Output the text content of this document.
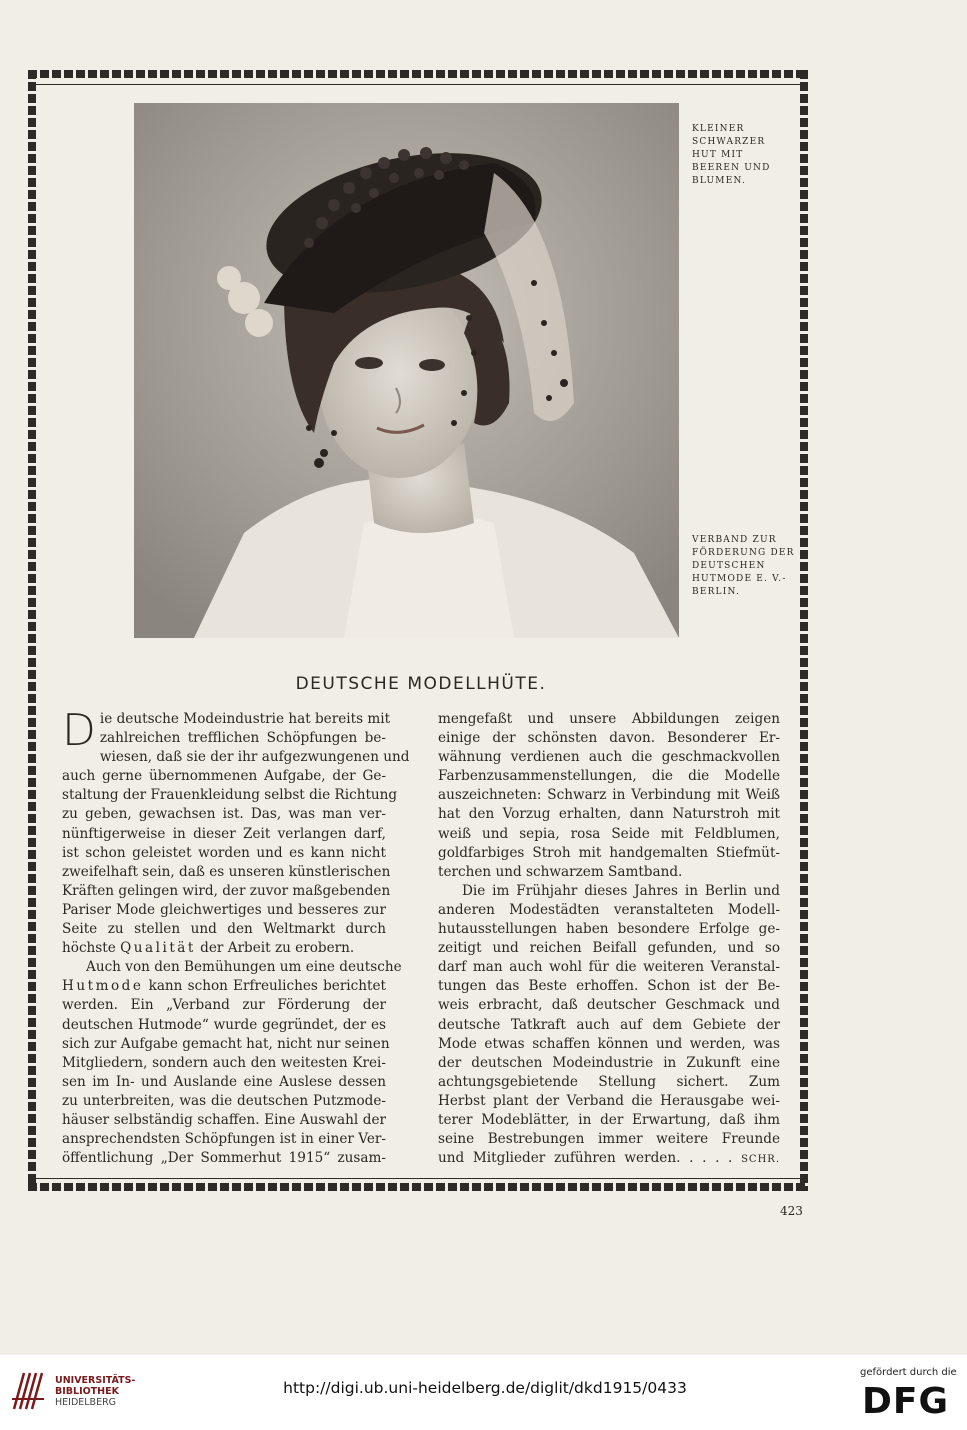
KLEINER
SCHWARZER
HUT MIT
BEEREN UND
BLUMEN.
VERBAND ZUR
FÖRDERUNG DER
DEUTSCHEN
HUTMODE E. V.-
BERLIN.
DEUTSCHE MODELLHÜTE.

D ie deutsche Modeindustrie hat bereits mit
zahlreichen trefflichen Schöpfungen be-
wiesen, daß sie der ihr aufgezwungenen und
auch gerne übernommenen Aufgabe, der Ge-
staltung der Frauenkleidung selbst die Richtung
zu geben, gewachsen ist. Das, was man ver-
nünftigerweise in dieser Zeit verlangen darf,
ist schon geleistet worden und es kann nicht
zweifelhaft sein, daß es unseren künstlerischen
Kräften gelingen wird, der zuvor maßgebenden
Pariser Mode gleichwertiges und besseres zur
Seite zu stellen und den Weltmarkt durch
höchste Qualität der Arbeit zu erobern.

Auch von den Bemühungen um eine deutsche
Hutmode kann schon Erfreuliches berichtet
werden. Ein „Verband zur Förderung der
deutschen Hutmode“ wurde gegründet, der es
sich zur Aufgabe gemacht hat, nicht nur seinen
Mitgliedern, sondern auch den weitesten Krei-
sen im In- und Auslande eine Auslese dessen
zu unterbreiten, was die deutschen Putzmode-
häuser selbständig schaffen. Eine Auswahl der
ansprechendsten Schöpfungen ist in einer Ver-
öffentlichung „Der Sommerhut 1915“ zusam-

mengefaßt und unsere Abbildungen zeigen
einige der schönsten davon. Besonderer Er-
wähnung verdienen auch die geschmackvollen
Farbenzusammenstellungen, die die Modelle
auszeichneten: Schwarz in Verbindung mit Weiß
hat den Vorzug erhalten, dann Naturstroh mit
weiß und sepia, rosa Seide mit Feldblumen,
goldfarbiges Stroh mit handgemalten Stiefmüt-
terchen und schwarzem Samtband.

Die im Frühjahr dieses Jahres in Berlin und
anderen Modestädten veranstalteten Modell-
hutausstellungen haben besondere Erfolge ge-
zeitigt und reichen Beifall gefunden, und so
darf man auch wohl für die weiteren Veranstal-
tungen das Beste erhoffen. Schon ist der Be-
weis erbracht, daß deutscher Geschmack und
deutsche Tatkraft auch auf dem Gebiete der
Mode etwas schaffen können und werden, was
der deutschen Modeindustrie in Zukunft eine
achtungsgebietende Stellung sichert. Zum
Herbst plant der Verband die Herausgabe wei-
terer Modeblätter, in der Erwartung, daß ihm
seine Bestrebungen immer weitere Freunde
und Mitglieder zuführen werden. . . . . SCHR.

423
UNIVERSITÄTS-
BIBLIOTHEK
HEIDELBERG
http://digi.ub.uni-heidelberg.de/diglit/dkd1915/0433
gefördert durch die
DFG
